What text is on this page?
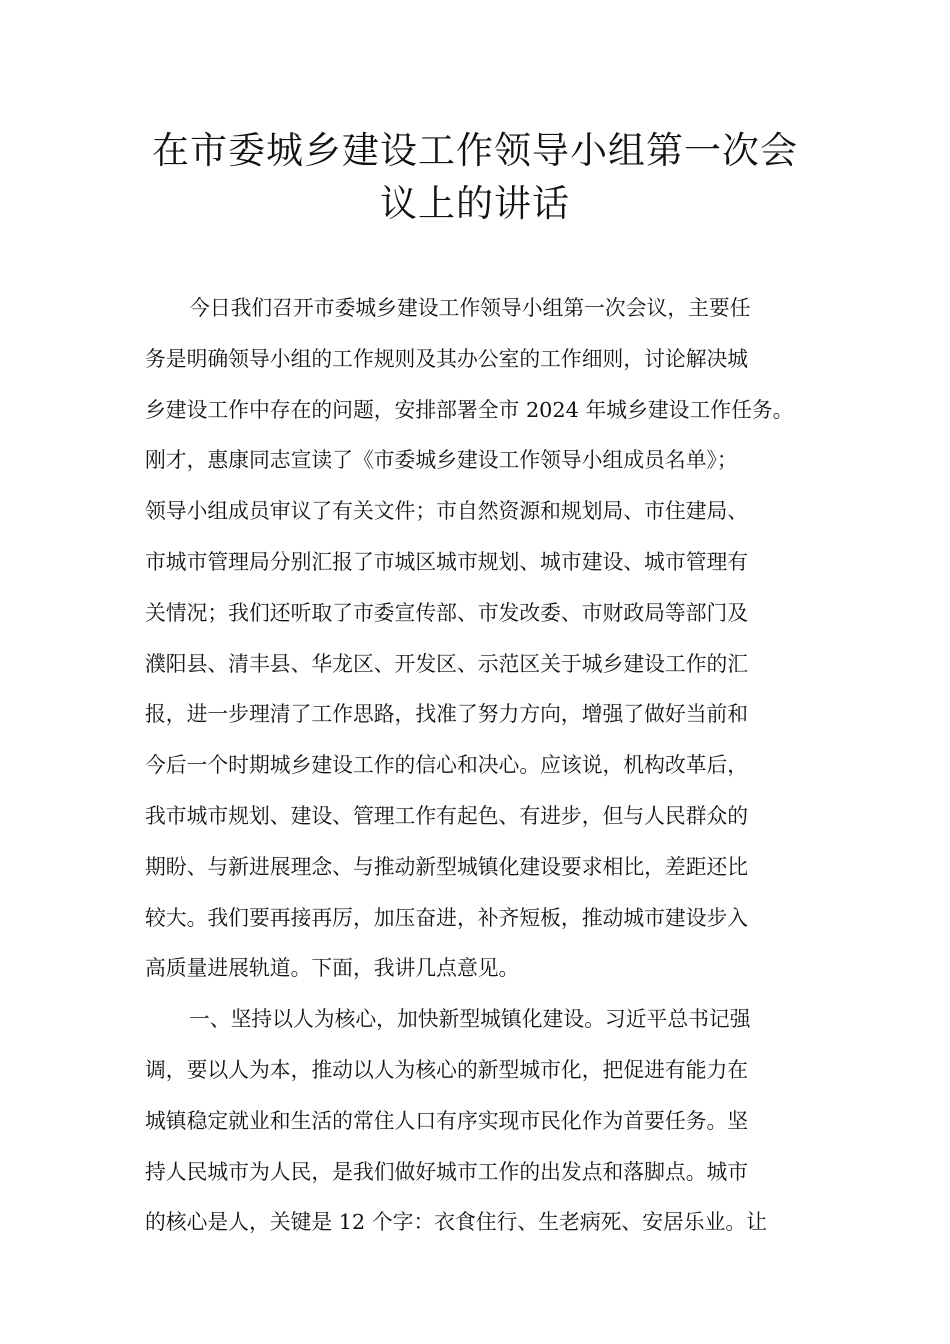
在市委城乡建设工作领导小组第一次会
议上的讲话
今日我们召开市委城乡建设工作领导小组第一次会议，主要任
务是明确领导小组的工作规则及其办公室的工作细则，讨论解决城
乡建设工作中存在的问题，安排部署全市 2024 年城乡建设工作任务。
刚才，惠康同志宣读了《市委城乡建设工作领导小组成员名单》；
领导小组成员审议了有关文件；市自然资源和规划局、市住建局、
市城市管理局分别汇报了市城区城市规划、城市建设、城市管理有
关情况；我们还听取了市委宣传部、市发改委、市财政局等部门及
濮阳县、清丰县、华龙区、开发区、示范区关于城乡建设工作的汇
报，进一步理清了工作思路，找准了努力方向，增强了做好当前和
今后一个时期城乡建设工作的信心和决心。应该说，机构改革后，
我市城市规划、建设、管理工作有起色、有进步，但与人民群众的
期盼、与新进展理念、与推动新型城镇化建设要求相比，差距还比
较大。我们要再接再厉，加压奋进，补齐短板，推动城市建设步入
高质量进展轨道。下面，我讲几点意见。
一、坚持以人为核心，加快新型城镇化建设。习近平总书记强
调，要以人为本，推动以人为核心的新型城市化，把促进有能力在
城镇稳定就业和生活的常住人口有序实现市民化作为首要任务。坚
持人民城市为人民，是我们做好城市工作的出发点和落脚点。城市
的核心是人，关键是 12 个字：衣食住行、生老病死、安居乐业。让
